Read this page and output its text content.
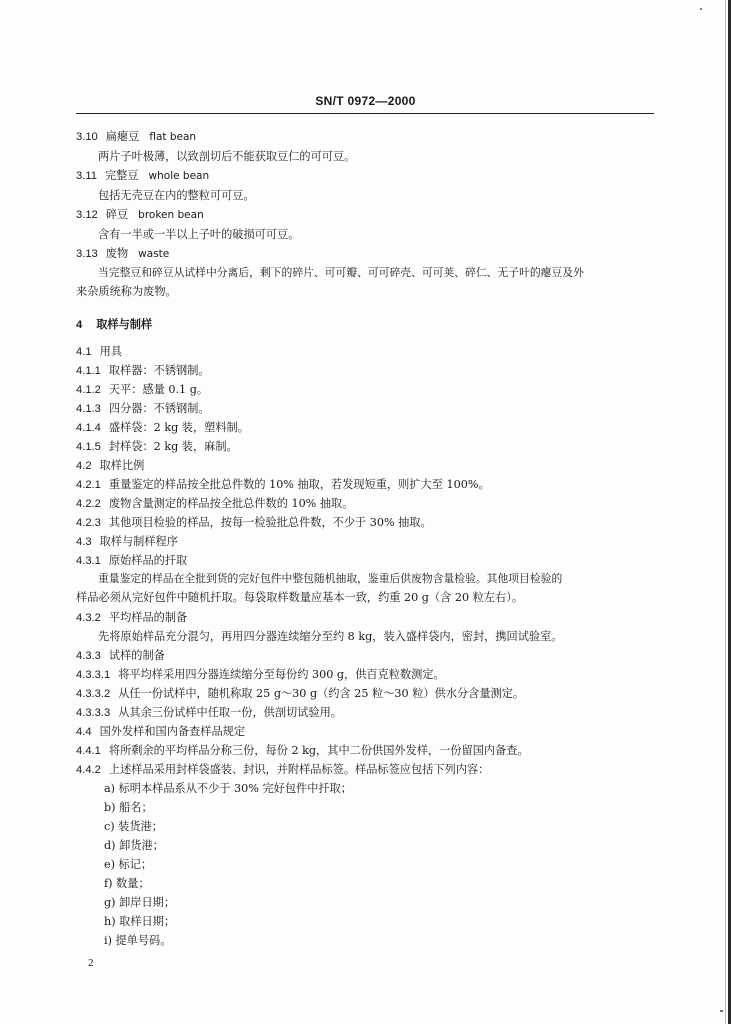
SN/T 0972—2000
3.10 扁瘪豆 flat bean
两片子叶极薄，以致剖切后不能获取豆仁的可可豆。
3.11 完整豆 whole bean
包括无壳豆在内的整粒可可豆。
3.12 碎豆 broken bean
含有一半或一半以上子叶的破损可可豆。
3.13 废物 waste
当完整豆和碎豆从试样中分离后，剩下的碎片、可可瓣、可可碎壳、可可荚、碎仁、无子叶的瘪豆及外
来杂质统称为废物。
4 取样与制样
4.1 用具
4.1.1 取样器：不锈钢制。
4.1.2 天平：感量 0.1 g。
4.1.3 四分器：不锈钢制。
4.1.4 盛样袋：2 kg 装，塑料制。
4.1.5 封样袋：2 kg 装，麻制。
4.2 取样比例
4.2.1 重量鉴定的样品按全批总件数的 10% 抽取，若发现短重，则扩大至 100%。
4.2.2 废物含量测定的样品按全批总件数的 10% 抽取。
4.2.3 其他项目检验的样品，按每一检验批总件数，不少于 30% 抽取。
4.3 取样与制样程序
4.3.1 原始样品的扦取
重量鉴定的样品在全批到货的完好包件中整包随机抽取，鉴重后供废物含量检验。其他项目检验的
样品必须从完好包件中随机扦取。每袋取样数量应基本一致，约重 20 g（含 20 粒左右）。
4.3.2 平均样品的制备
先将原始样品充分混匀，再用四分器连续缩分至约 8 kg，装入盛样袋内，密封，携回试验室。
4.3.3 试样的制备
4.3.3.1 将平均样采用四分器连续缩分至每份约 300 g，供百克粒数测定。
4.3.3.2 从任一份试样中，随机称取 25 g～30 g（约含 25 粒～30 粒）供水分含量测定。
4.3.3.3 从其余三份试样中任取一份，供剖切试验用。
4.4 国外发样和国内备查样品规定
4.4.1 将所剩余的平均样品分称三份，每份 2 kg，其中二份供国外发样，一份留国内备查。
4.4.2 上述样品采用封样袋盛装、封识，并附样品标签。样品标签应包括下列内容：
a) 标明本样品系从不少于 30% 完好包件中扦取；
b) 船名；
c) 装货港；
d) 卸货港；
e) 标记；
f) 数量；
g) 卸岸日期；
h) 取样日期；
i) 提单号码。
2
